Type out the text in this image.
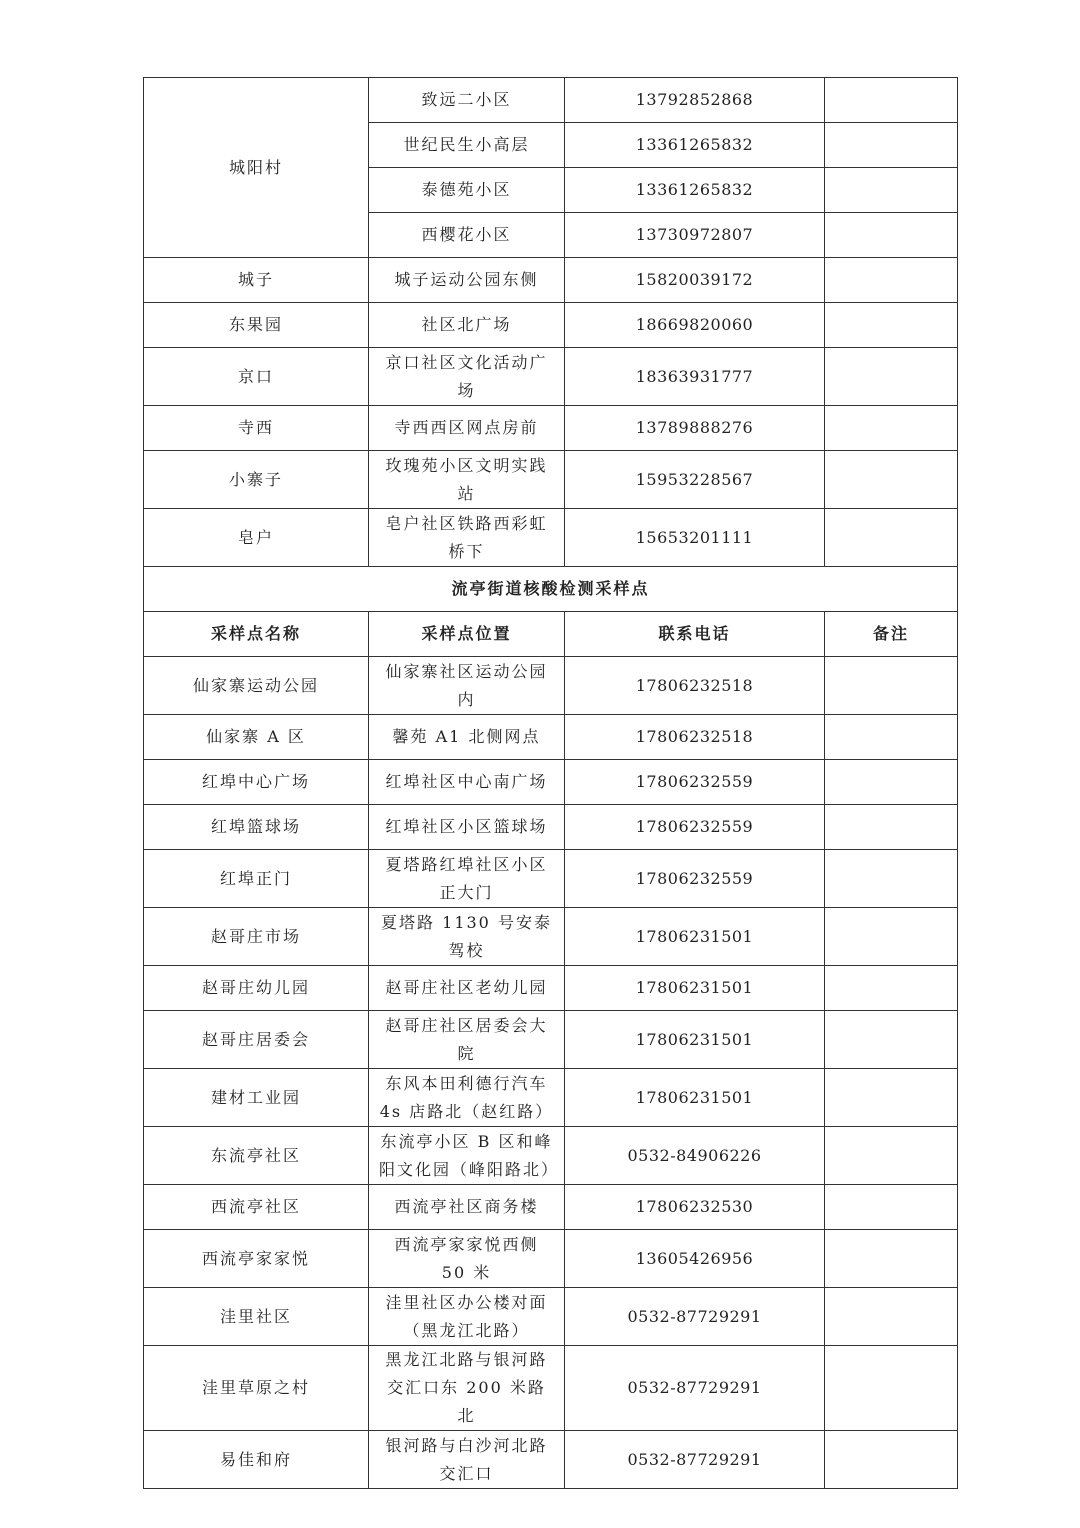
城阳村	致远二小区	13792852868	
	世纪民生小高层	13361265832	
	泰德苑小区	13361265832	
	西樱花小区	13730972807	
城子	城子运动公园东侧	15820039172	
东果园	社区北广场	18669820060	
京口	京口社区文化活动广场	18363931777	
寺西	寺西西区网点房前	13789888276	
小寨子	玫瑰苑小区文明实践站	15953228567	
皂户	皂户社区铁路西彩虹桥下	15653201111	
流亭街道核酸检测采样点			
采样点名称	采样点位置	联系电话	备注
仙家寨运动公园	仙家寨社区运动公园内	17806232518	
仙家寨 A 区	馨苑 A1 北侧网点	17806232518	
红埠中心广场	红埠社区中心南广场	17806232559	
红埠篮球场	红埠社区小区篮球场	17806232559	
红埠正门	夏塔路红埠社区小区正大门	17806232559	
赵哥庄市场	夏塔路 1130 号安泰驾校	17806231501	
赵哥庄幼儿园	赵哥庄社区老幼儿园	17806231501	
赵哥庄居委会	赵哥庄社区居委会大院	17806231501	
建材工业园	东风本田利德行汽车 4s 店路北（赵红路）	17806231501	
东流亭社区	东流亭小区 B 区和峰阳文化园（峰阳路北）	0532-84906226	
西流亭社区	西流亭社区商务楼	17806232530	
西流亭家家悦	西流亭家家悦西侧 50 米	13605426956	
洼里社区	洼里社区办公楼对面（黑龙江北路）	0532-87729291	
洼里草原之村	黑龙江北路与银河路交汇口东 200 米路北	0532-87729291	
易佳和府	银河路与白沙河北路交汇口	0532-87729291	
